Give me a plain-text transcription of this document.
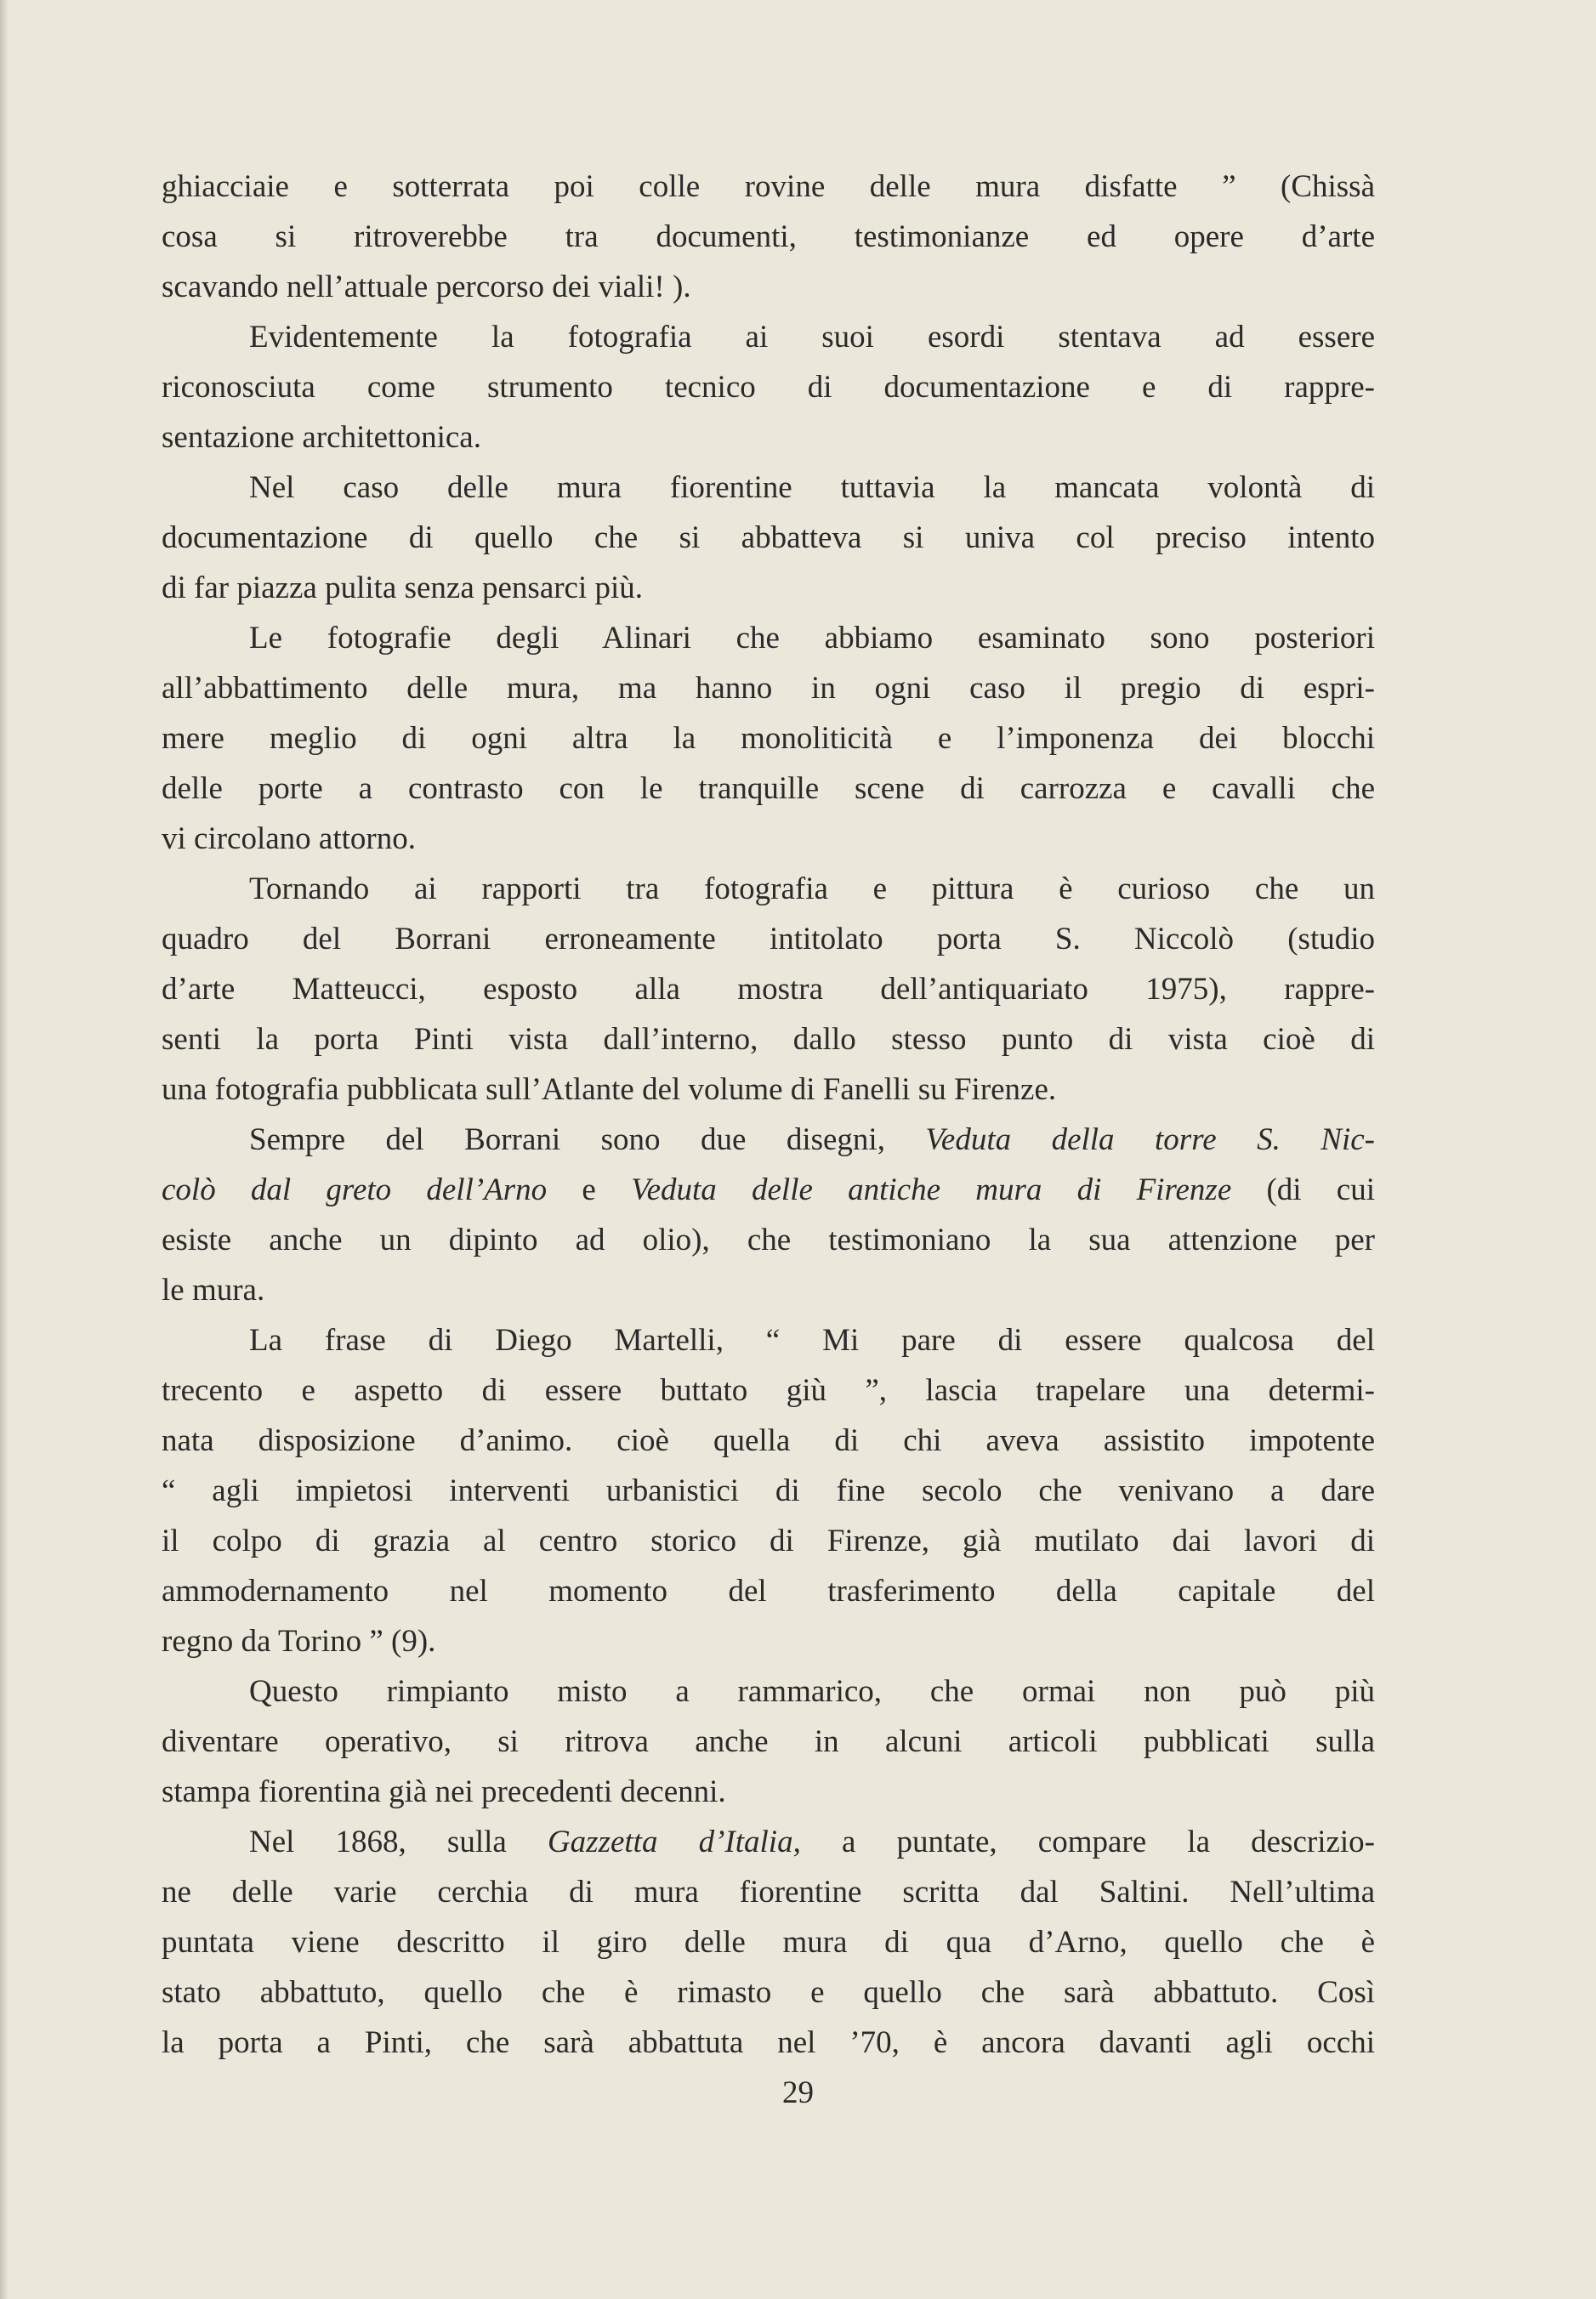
ghiacciaie e sotterrata poi colle rovine delle mura disfatte ” (Chissà
cosa si ritroverebbe tra documenti, testimonianze ed opere d’arte
scavando nell’attuale percorso dei viali! ).
Evidentemente la fotografia ai suoi esordi stentava ad essere
riconosciuta come strumento tecnico di documentazione e di rappre-
sentazione architettonica.
Nel caso delle mura fiorentine tuttavia la mancata volontà di
documentazione di quello che si abbatteva si univa col preciso intento
di far piazza pulita senza pensarci più.
Le fotografie degli Alinari che abbiamo esaminato sono posteriori
all’abbattimento delle mura, ma hanno in ogni caso il pregio di espri-
mere meglio di ogni altra la monoliticità e l’imponenza dei blocchi
delle porte a contrasto con le tranquille scene di carrozza e cavalli che
vi circolano attorno.
Tornando ai rapporti tra fotografia e pittura è curioso che un
quadro del Borrani erroneamente intitolato porta S. Niccolò (studio
d’arte Matteucci, esposto alla mostra dell’antiquariato 1975), rappre-
senti la porta Pinti vista dall’interno, dallo stesso punto di vista cioè di
una fotografia pubblicata sull’Atlante del volume di Fanelli su Firenze.
Sempre del Borrani sono due disegni, Veduta della torre S. Nic-
colò dal greto dell’Arno e Veduta delle antiche mura di Firenze (di cui
esiste anche un dipinto ad olio), che testimoniano la sua attenzione per
le mura.
La frase di Diego Martelli, “ Mi pare di essere qualcosa del
trecento e aspetto di essere buttato giù ”, lascia trapelare una determi-
nata disposizione d’animo. cioè quella di chi aveva assistito impotente
“ agli impietosi interventi urbanistici di fine secolo che venivano a dare
il colpo di grazia al centro storico di Firenze, già mutilato dai lavori di
ammodernamento nel momento del trasferimento della capitale del
regno da Torino ” (9).
Questo rimpianto misto a rammarico, che ormai non può più
diventare operativo, si ritrova anche in alcuni articoli pubblicati sulla
stampa fiorentina già nei precedenti decenni.
Nel 1868, sulla Gazzetta d’Italia, a puntate, compare la descrizio-
ne delle varie cerchia di mura fiorentine scritta dal Saltini. Nell’ultima
puntata viene descritto il giro delle mura di qua d’Arno, quello che è
stato abbattuto, quello che è rimasto e quello che sarà abbattuto. Così
la porta a Pinti, che sarà abbattuta nel ’70, è ancora davanti agli occhi
29
